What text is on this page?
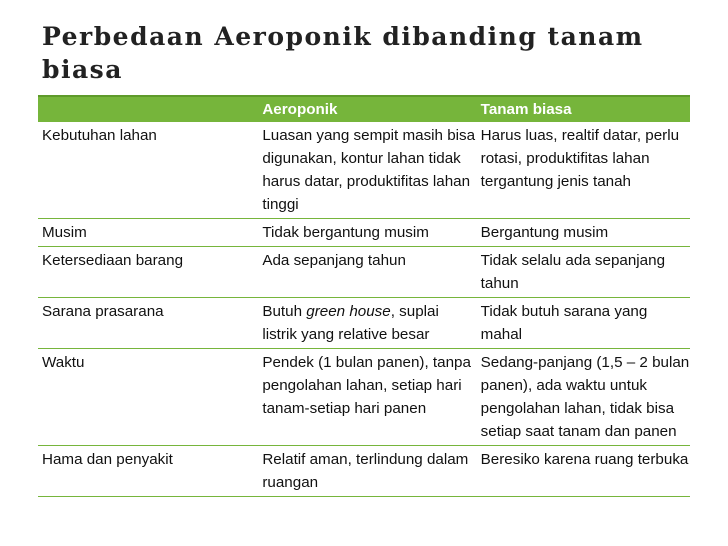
Perbedaan Aeroponik dibanding tanam biasa
	Aeroponik	Tanam biasa
Kebutuhan lahan	Luasan yang sempit masih bisa digunakan, kontur lahan tidak harus datar, produktifitas lahan tinggi	Harus luas, realtif datar, perlu rotasi, produktifitas lahan tergantung jenis tanah
Musim	Tidak bergantung musim	Bergantung musim
Ketersediaan barang	Ada sepanjang tahun	Tidak selalu ada sepanjang tahun
Sarana prasarana	Butuh green house, suplai listrik yang relative besar	Tidak butuh sarana yang mahal
Waktu	Pendek (1 bulan panen), tanpa pengolahan lahan, setiap hari tanam-setiap hari panen	Sedang-panjang (1,5 – 2 bulan panen), ada waktu untuk pengolahan lahan, tidak bisa setiap saat tanam dan panen
Hama dan penyakit	Relatif aman, terlindung dalam ruangan	Beresiko karena ruang terbuka
